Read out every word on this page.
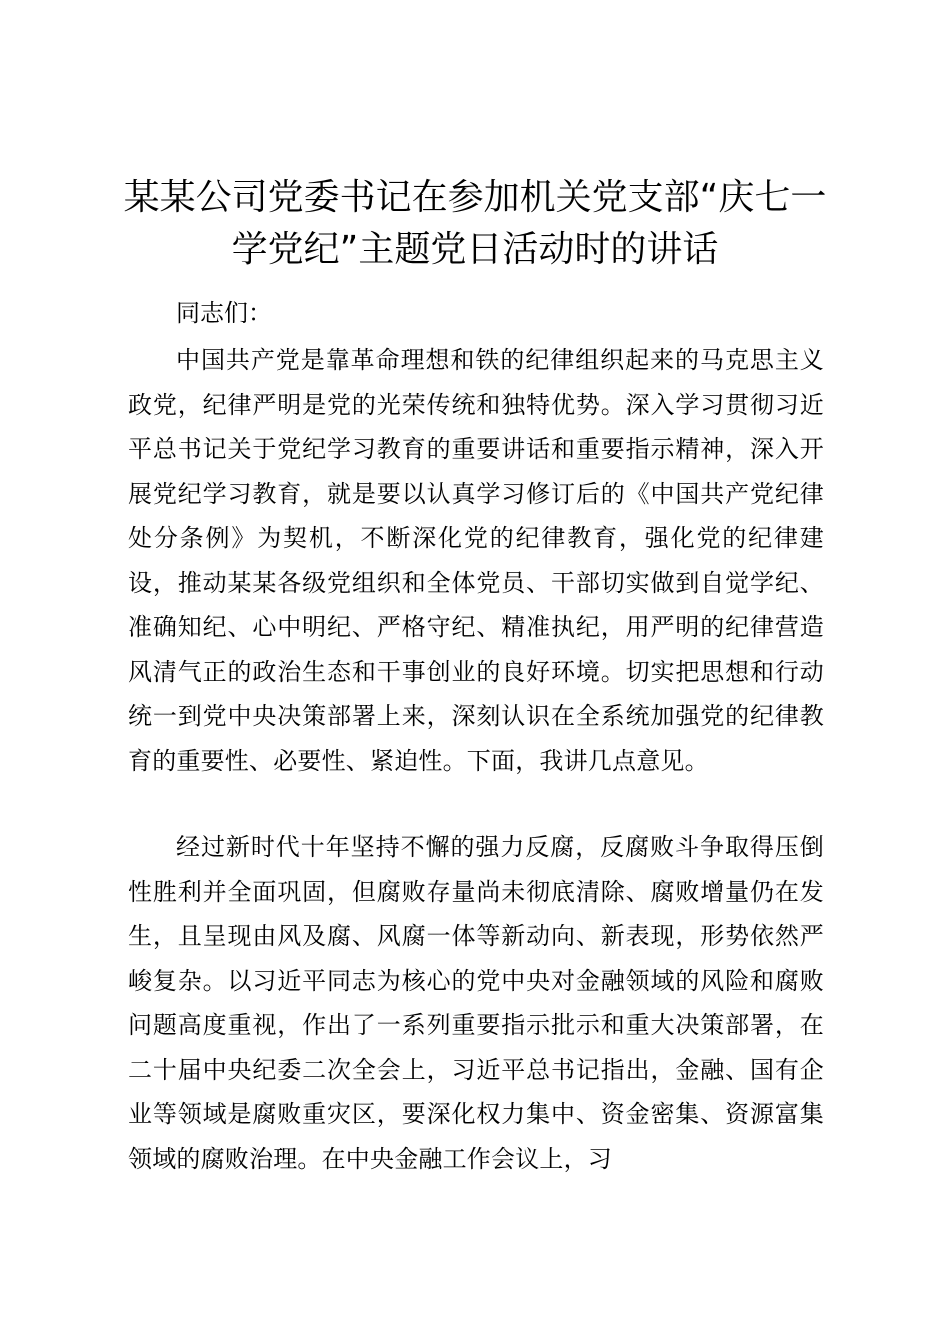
某某公司党委书记在参加机关党支部“庆七一
学党纪”主题党日活动时的讲话
同志们：

中国共产党是靠革命理想和铁的纪律组织起来的马克思主义政党，纪律严明是党的光荣传统和独特优势。深入学习贯彻习近平总书记关于党纪学习教育的重要讲话和重要指示精神，深入开展党纪学习教育，就是要以认真学习修订后的《中国共产党纪律处分条例》为契机，不断深化党的纪律教育，强化党的纪律建设，推动某某各级党组织和全体党员、干部切实做到自觉学纪、准确知纪、心中明纪、严格守纪、精准执纪，用严明的纪律营造风清气正的政治生态和干事创业的良好环境。切实把思想和行动统一到党中央决策部署上来，深刻认识在全系统加强党的纪律教育的重要性、必要性、紧迫性。下面，我讲几点意见。

经过新时代十年坚持不懈的强力反腐，反腐败斗争取得压倒性胜利并全面巩固，但腐败存量尚未彻底清除、腐败增量仍在发生，且呈现由风及腐、风腐一体等新动向、新表现，形势依然严峻复杂。以习近平同志为核心的党中央对金融领域的风险和腐败问题高度重视，作出了一系列重要指示批示和重大决策部署，在二十届中央纪委二次全会上，习近平总书记指出，金融、国有企业等领域是腐败重灾区，要深化权力集中、资金密集、资源富集领域的腐败治理。在中央金融工作会议上，习
